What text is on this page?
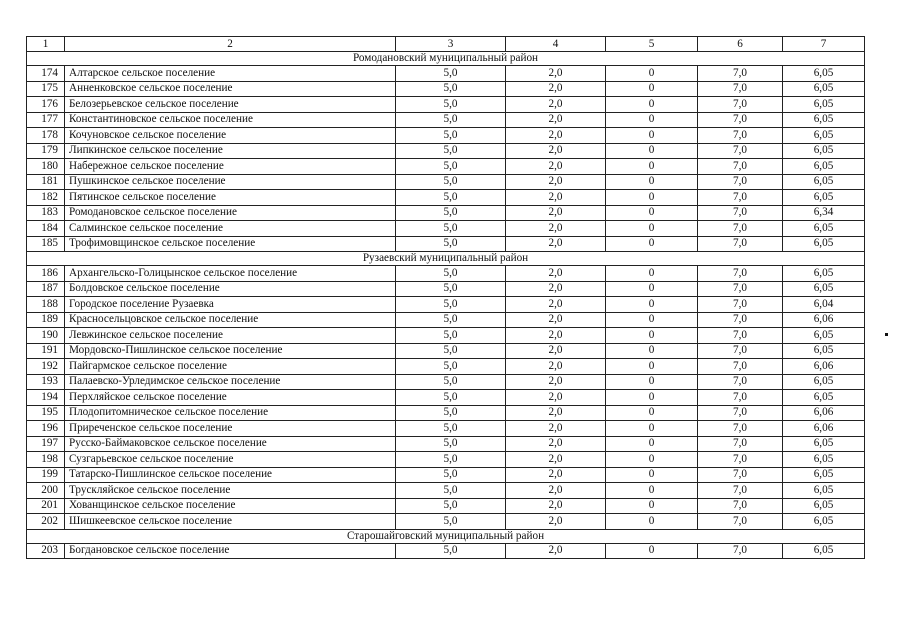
1	2	3	4	5	6	7
Ромодановский муниципальный район						
174	Алтарское сельское поселение	5,0	2,0	0	7,0	6,05
175	Анненковское сельское поселение	5,0	2,0	0	7,0	6,05
176	Белозерьевское сельское поселение	5,0	2,0	0	7,0	6,05
177	Константиновское сельское поселение	5,0	2,0	0	7,0	6,05
178	Кочуновское сельское поселение	5,0	2,0	0	7,0	6,05
179	Липкинское сельское поселение	5,0	2,0	0	7,0	6,05
180	Набережное сельское поселение	5,0	2,0	0	7,0	6,05
181	Пушкинское сельское поселение	5,0	2,0	0	7,0	6,05
182	Пятинское сельское поселение	5,0	2,0	0	7,0	6,05
183	Ромодановское сельское поселение	5,0	2,0	0	7,0	6,34
184	Салминское сельское поселение	5,0	2,0	0	7,0	6,05
185	Трофимовщинское сельское поселение	5,0	2,0	0	7,0	6,05
Рузаевский муниципальный район						
186	Архангельско-Голицынское сельское поселение	5,0	2,0	0	7,0	6,05
187	Болдовское сельское поселение	5,0	2,0	0	7,0	6,05
188	Городское поселение Рузаевка	5,0	2,0	0	7,0	6,04
189	Красносельцовское сельское поселение	5,0	2,0	0	7,0	6,06
190	Левжинское сельское поселение	5,0	2,0	0	7,0	6,05
191	Мордовско-Пишлинское сельское поселение	5,0	2,0	0	7,0	6,05
192	Пайгармское сельское поселение	5,0	2,0	0	7,0	6,06
193	Палаевско-Урледимское сельское поселение	5,0	2,0	0	7,0	6,05
194	Перхляйское сельское поселение	5,0	2,0	0	7,0	6,05
195	Плодопитомническое сельское поселение	5,0	2,0	0	7,0	6,06
196	Приреченское сельское поселение	5,0	2,0	0	7,0	6,06
197	Русско-Баймаковское сельское поселение	5,0	2,0	0	7,0	6,05
198	Сузгарьевское сельское поселение	5,0	2,0	0	7,0	6,05
199	Татарско-Пишлинское сельское поселение	5,0	2,0	0	7,0	6,05
200	Трускляйское сельское поселение	5,0	2,0	0	7,0	6,05
201	Хованщинское сельское поселение	5,0	2,0	0	7,0	6,05
202	Шишкеевское сельское поселение	5,0	2,0	0	7,0	6,05
Старошайговский муниципальный район						
203	Богдановское сельское поселение	5,0	2,0	0	7,0	6,05
